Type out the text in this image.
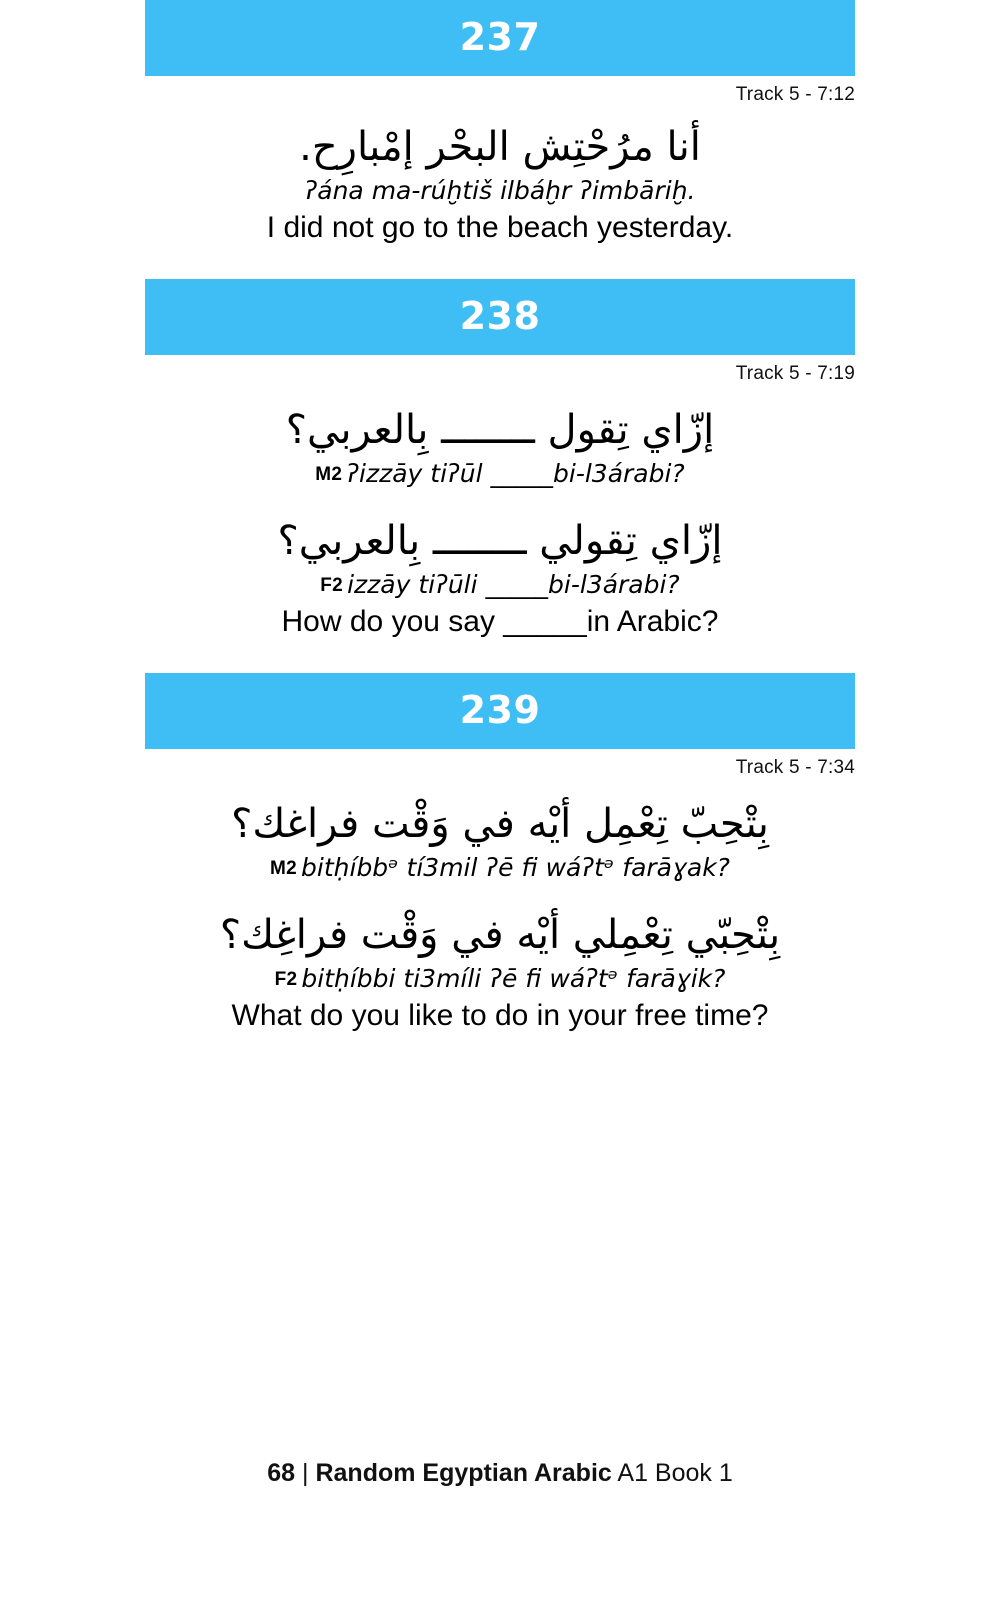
237
Track 5 - 7:12
أنا مرُحْتِش البحْر إمْبارِح.
ʔána ma-rúḫtiš ilbáḫr ʔimbāriḫ.
I did not go to the beach yesterday.
238
Track 5 - 7:19
إزّاي تِقول ــــــــ بِالعربي؟
M2 ʔizzāy tiʔūl _____bi-l3árabi?
إزّاي تِقولي ــــــــ بِالعربي؟
F2 izzāy tiʔūli _____bi-l3árabi?
How do you say _____in Arabic?
239
Track 5 - 7:34
بِتْحِبّ تِعْمِل أيْه في وَقْت فراغك؟
M2 bitḥíbbᵊ tí3mil ʔē fi wáʔtᵊ farāɣak?
بِتْحِبّي تِعْمِلي أيْه في وَقْت فراغِك؟
F2 bitḥíbbi ti3míli ʔē fi wáʔtᵊ farāɣik?
What do you like to do in your free time?
68 | Random Egyptian Arabic A1 Book 1
